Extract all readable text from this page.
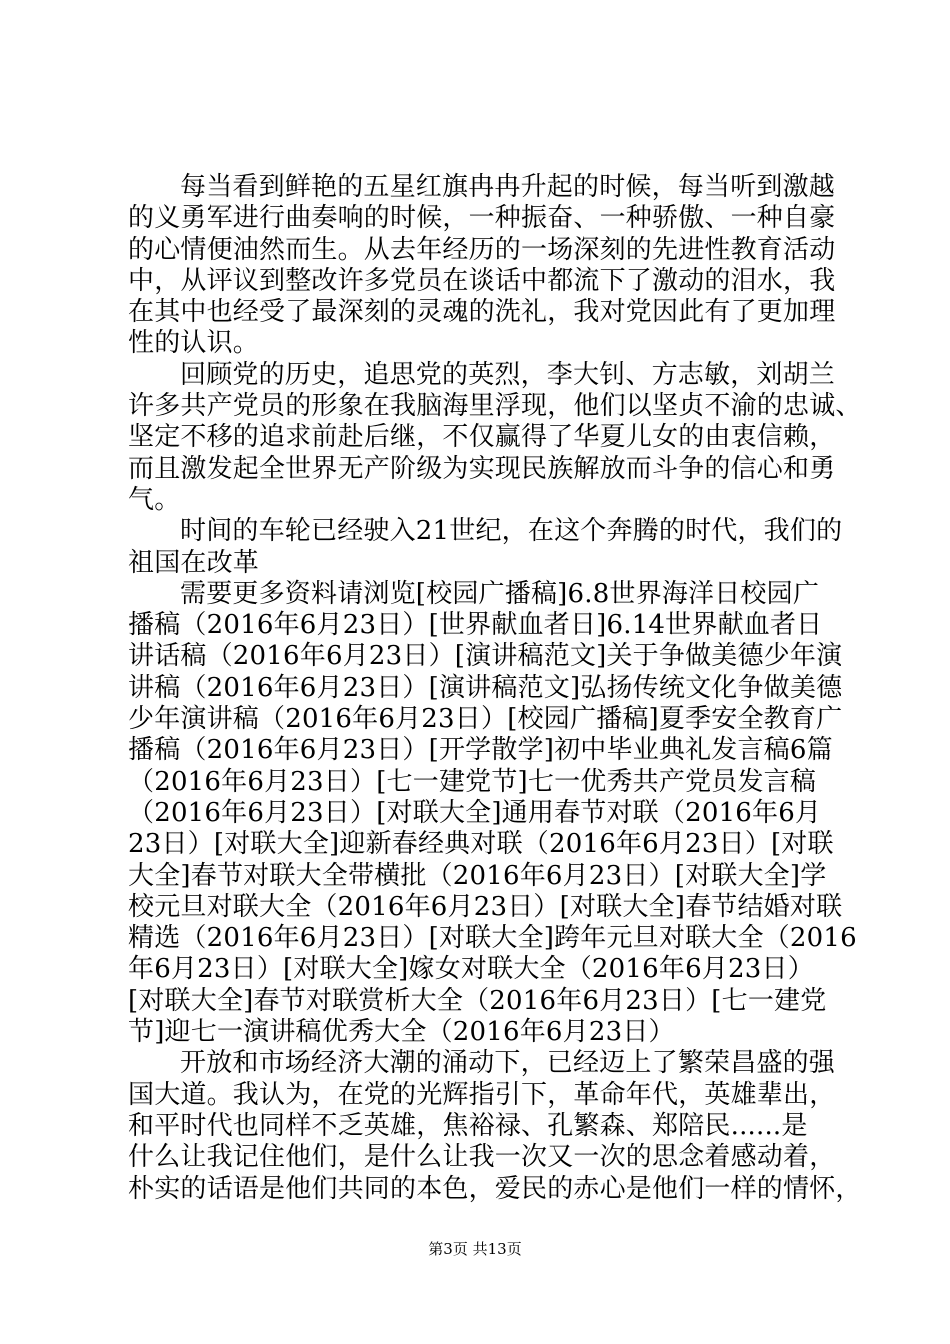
每当看到鲜艳的五星红旗冉冉升起的时候，每当听到激越
的义勇军进行曲奏响的时候，一种振奋、一种骄傲、一种自豪
的心情便油然而生。从去年经历的一场深刻的先进性教育活动
中，从评议到整改许多党员在谈话中都流下了激动的泪水，我
在其中也经受了最深刻的灵魂的洗礼，我对党因此有了更加理
性的认识。
回顾党的历史，追思党的英烈，李大钊、方志敏，刘胡兰
许多共产党员的形象在我脑海里浮现，他们以坚贞不渝的忠诚、
坚定不移的追求前赴后继，不仅赢得了华夏儿女的由衷信赖，
而且激发起全世界无产阶级为实现民族解放而斗争的信心和勇
气。
时间的车轮已经驶入21世纪，在这个奔腾的时代，我们的
祖国在改革
需要更多资料请浏览[校园广播稿]6.8世界海洋日校园广
播稿（2016年6月23日）[世界献血者日]6.14世界献血者日
讲话稿（2016年6月23日）[演讲稿范文]关于争做美德少年演
讲稿（2016年6月23日）[演讲稿范文]弘扬传统文化争做美德
少年演讲稿（2016年6月23日）[校园广播稿]夏季安全教育广
播稿（2016年6月23日）[开学散学]初中毕业典礼发言稿6篇
（2016年6月23日）[七一建党节]七一优秀共产党员发言稿
（2016年6月23日）[对联大全]通用春节对联（2016年6月
23日）[对联大全]迎新春经典对联（2016年6月23日）[对联
大全]春节对联大全带横批（2016年6月23日）[对联大全]学
校元旦对联大全（2016年6月23日）[对联大全]春节结婚对联
精选（2016年6月23日）[对联大全]跨年元旦对联大全（2016
年6月23日）[对联大全]嫁女对联大全（2016年6月23日）
[对联大全]春节对联赏析大全（2016年6月23日）[七一建党
节]迎七一演讲稿优秀大全（2016年6月23日）
开放和市场经济大潮的涌动下，已经迈上了繁荣昌盛的强
国大道。我认为，在党的光辉指引下，革命年代，英雄辈出，
和平时代也同样不乏英雄，焦裕禄、孔繁森、郑陪民......是
什么让我记住他们，是什么让我一次又一次的思念着感动着，
朴实的话语是他们共同的本色，爱民的赤心是他们一样的情怀，
第3页 共13页
